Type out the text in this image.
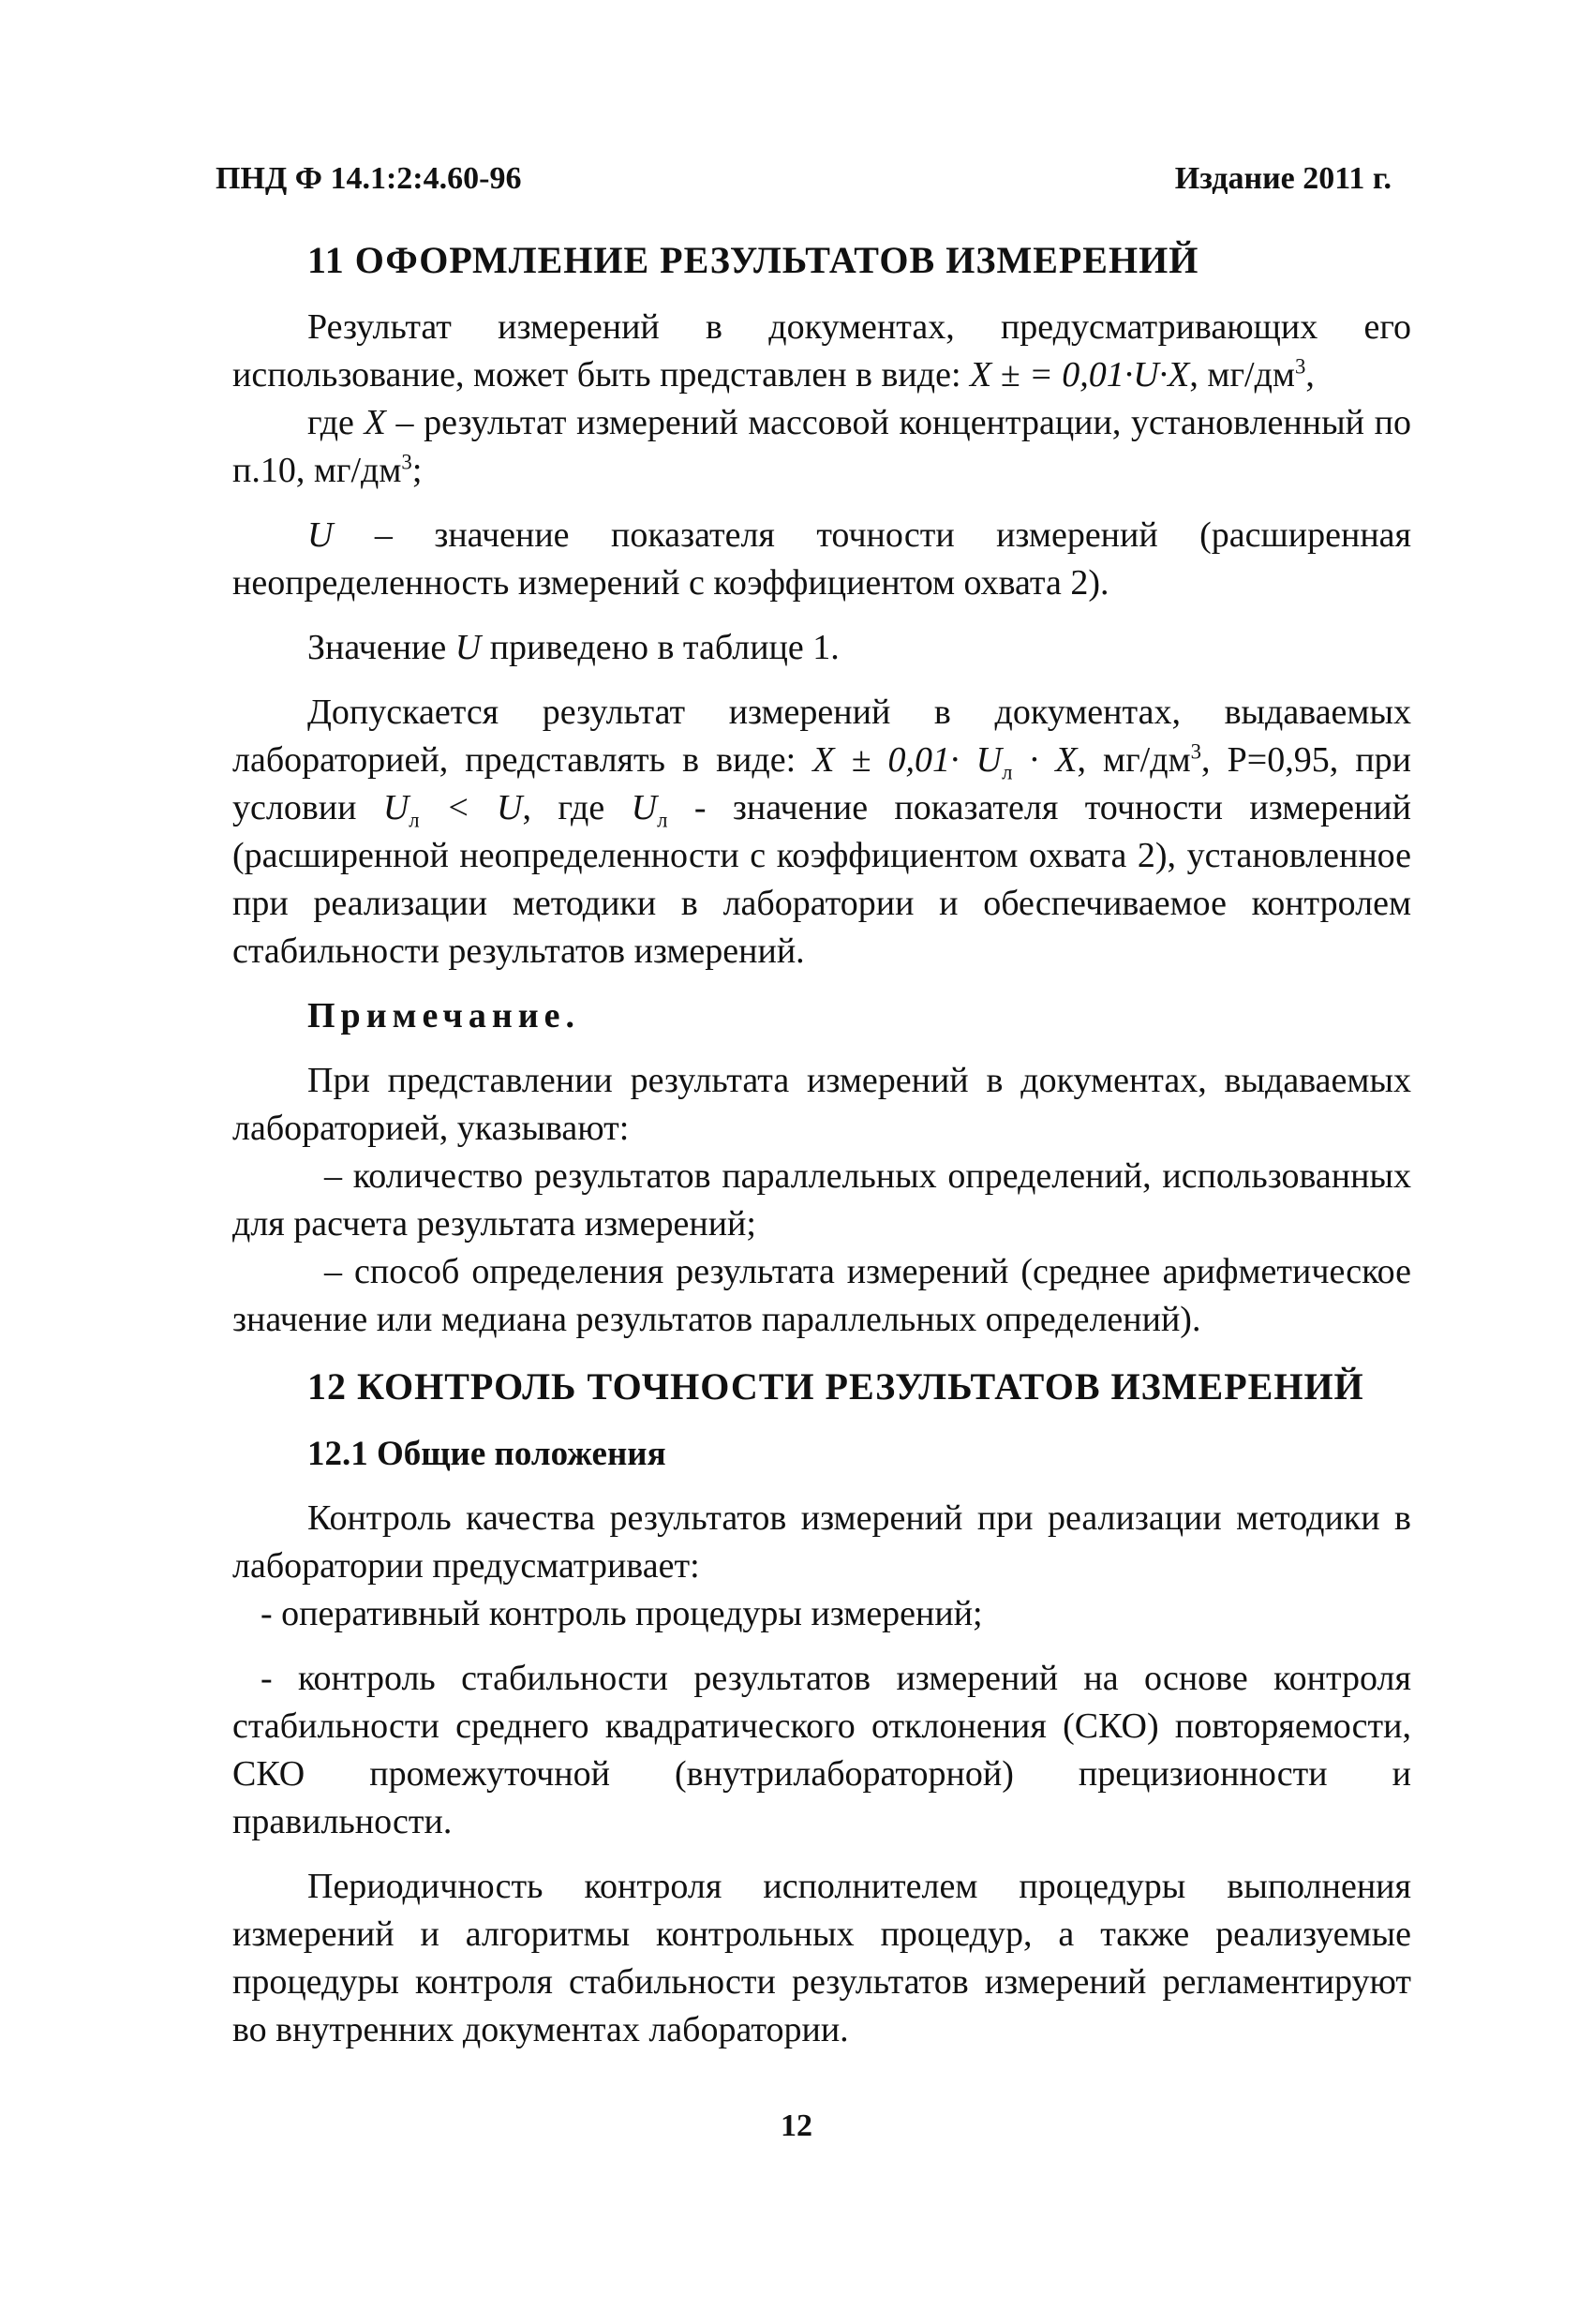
ПНД Ф 14.1:2:4.60-96	Издание 2011 г.
11 ОФОРМЛЕНИЕ РЕЗУЛЬТАТОВ ИЗМЕРЕНИЙ

Результат измерений в документах, предусматривающих его использование, может быть представлен в виде: X ± = 0,01·U·X, $мг/дм^3$,

где X – результат измерений массовой концентрации, установленный по п.10, $мг/дм^3$;

U – значение показателя точности измерений (расширенная неопределенность измерений с коэффициентом охвата 2).

Значение U приведено в таблице 1.

Допускается результат измерений в документах, выдаваемых лабораторией, представлять в виде: $X \pm 0,01\cdot U_л \cdot X$, $мг/дм^3$, P=0,95, при условии $U_л < U$, где $U_л$ - значение показателя точности измерений (расширенной неопределенности с коэффициентом охвата 2), установленное при реализации методики в лаборатории и обеспечиваемое контролем стабильности результатов измерений.

Примечание.

При представлении результата измерений в документах, выдаваемых лабораторией, указывают:

– количество результатов параллельных определений, использованных для расчета результата измерений;

– способ определения результата измерений (среднее арифметическое значение или медиана результатов параллельных определений).

12 КОНТРОЛЬ ТОЧНОСТИ РЕЗУЛЬТАТОВ ИЗМЕРЕНИЙ
12.1 Общие положения

Контроль качества результатов измерений при реализации методики в лаборатории предусматривает:

- оперативный контроль процедуры измерений;

- контроль стабильности результатов измерений на основе контроля стабильности среднего квадратического отклонения (СКО) повторяемости, СКО промежуточной (внутрилабораторной) прецизионности и правильности.

Периодичность контроля исполнителем процедуры выполнения измерений и алгоритмы контрольных процедур, а также реализуемые процедуры контроля стабильности результатов измерений регламентируют во внутренних документах лаборатории.

12
